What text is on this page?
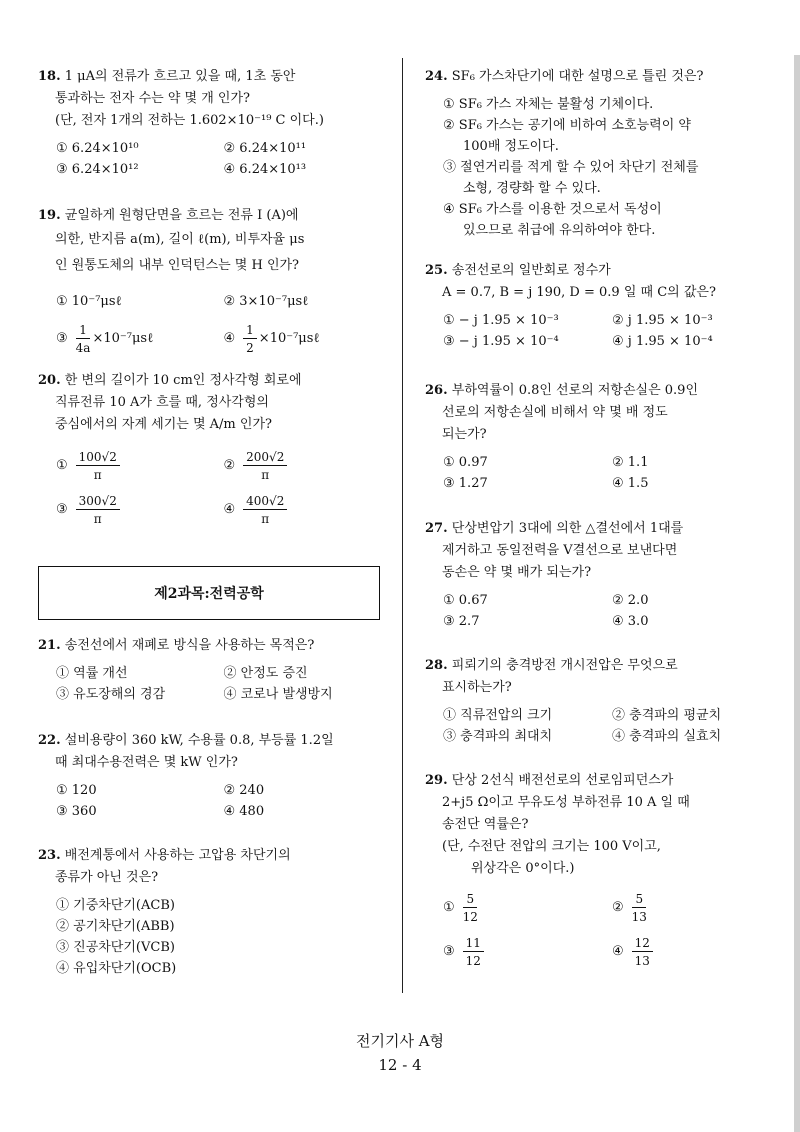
18. 1 μA의 전류가 흐르고 있을 때, 1초 동안
통과하는 전자 수는 약 몇 개 인가?
(단, 전자 1개의 전하는 1.602×10⁻¹⁹ C 이다.)
① 6.24×10¹⁰	② 6.24×10¹¹
③ 6.24×10¹²	④ 6.24×10¹³
19. 균일하게 원형단면을 흐르는 전류 I (A)에
의한, 반지름 a(m), 길이 ℓ(m), 비투자율 μs
인 원통도체의 내부 인덕턴스는 몇 H 인가?
① 10⁻⁷μsℓ	② 3×10⁻⁷μsℓ
③ $\frac{1}{4a}$ ×10⁻⁷μsℓ	④ $\frac{1}{2}$ ×10⁻⁷μsℓ
20. 한 변의 길이가 10 cm인 정사각형 회로에
직류전류 10 A가 흐를 때, 정사각형의
중심에서의 자계 세기는 몇 A/m 인가?
① $\frac{100√2}{\pi}$	② $\frac{200√2}{\pi}$
③ $\frac{300√2}{\pi}$	④ $\frac{400√2}{\pi}$
제2과목:전력공학
21. 송전선에서 재폐로 방식을 사용하는 목적은?
① 역률 개선	② 안정도 증진
③ 유도장해의 경감	④ 코로나 발생방지
22. 설비용량이 360 kW, 수용률 0.8, 부등률 1.2일
때 최대수용전력은 몇 kW 인가?
① 120	② 240
③ 360	④ 480
23. 배전계통에서 사용하는 고압용 차단기의
종류가 아닌 것은?
① 기중차단기(ACB)
② 공기차단기(ABB)
③ 진공차단기(VCB)
④ 유입차단기(OCB)
24. SF₆ 가스차단기에 대한 설명으로 틀린 것은?
① SF₆ 가스 자체는 불활성 기체이다.
② SF₆ 가스는 공기에 비하여 소호능력이 약
100배 정도이다.
③ 절연거리를 적게 할 수 있어 차단기 전체를
소형, 경량화 할 수 있다.
④ SF₆ 가스를 이용한 것으로서 독성이
있으므로 취급에 유의하여야 한다.
25. 송전선로의 일반회로 정수가
A = 0.7, B = j 190, D = 0.9 일 때 C의 값은?
① − j 1.95 × 10⁻³	② j 1.95 × 10⁻³
③ − j 1.95 × 10⁻⁴	④ j 1.95 × 10⁻⁴
26. 부하역률이 0.8인 선로의 저항손실은 0.9인
선로의 저항손실에 비해서 약 몇 배 정도
되는가?
① 0.97	② 1.1
③ 1.27	④ 1.5
27. 단상변압기 3대에 의한 △결선에서 1대를
제거하고 동일전력을 V결선으로 보낸다면
동손은 약 몇 배가 되는가?
① 0.67	② 2.0
③ 2.7	④ 3.0
28. 피뢰기의 충격방전 개시전압은 무엇으로
표시하는가?
① 직류전압의 크기	② 충격파의 평균치
③ 충격파의 최대치	④ 충격파의 실효치
29. 단상 2선식 배전선로의 선로임피던스가
2+j5 Ω이고 무유도성 부하전류 10 A 일 때
송전단 역률은?
(단, 수전단 전압의 크기는 100 V이고,
위상각은 0°이다.)
① $\frac{5}{12}$	② $\frac{5}{13}$
③ $\frac{11}{12}$	④ $\frac{12}{13}$
전기기사 A형
12 - 4
